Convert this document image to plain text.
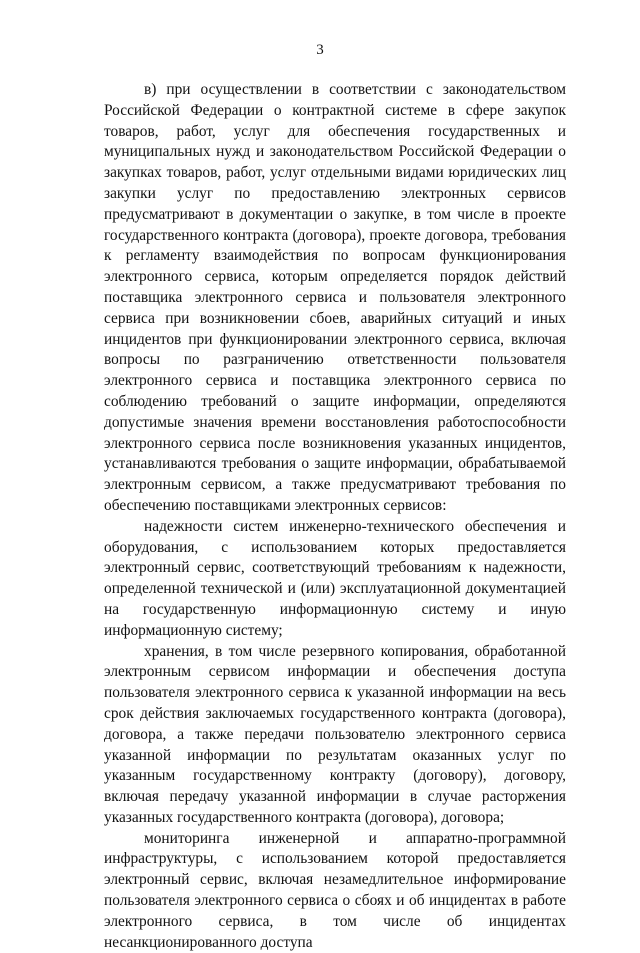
3

в) при осуществлении в соответствии с законодательством Российской Федерации о контрактной системе в сфере закупок товаров, работ, услуг для обеспечения государственных и муниципальных нужд и законодательством Российской Федерации о закупках товаров, работ, услуг отдельными видами юридических лиц закупки услуг по предоставлению электронных сервисов предусматривают в документации о закупке, в том числе в проекте государственного контракта (договора), проекте договора, требования к регламенту взаимодействия по вопросам функционирования электронного сервиса, которым определяется порядок действий поставщика электронного сервиса и пользователя электронного сервиса при возникновении сбоев, аварийных ситуаций и иных инцидентов при функционировании электронного сервиса, включая вопросы по разграничению ответственности пользователя электронного сервиса и поставщика электронного сервиса по соблюдению требований о защите информации, определяются допустимые значения времени восстановления работоспособности электронного сервиса после возникновения указанных инцидентов, устанавливаются требования о защите информации, обрабатываемой электронным сервисом, а также предусматривают требования по обеспечению поставщиками электронных сервисов:

надежности систем инженерно-технического обеспечения и оборудования, с использованием которых предоставляется электронный сервис, соответствующий требованиям к надежности, определенной технической и (или) эксплуатационной документацией на государственную информационную систему и иную информационную систему;

хранения, в том числе резервного копирования, обработанной электронным сервисом информации и обеспечения доступа пользователя электронного сервиса к указанной информации на весь срок действия заключаемых государственного контракта (договора), договора, а также передачи пользователю электронного сервиса указанной информации по результатам оказанных услуг по указанным государственному контракту (договору), договору, включая передачу указанной информации в случае расторжения указанных государственного контракта (договора), договора;

мониторинга инженерной и аппаратно-программной инфраструктуры, с использованием которой предоставляется электронный сервис, включая незамедлительное информирование пользователя электронного сервиса о сбоях и об инцидентах в работе электронного сервиса, в том числе об инцидентах несанкционированного доступа
